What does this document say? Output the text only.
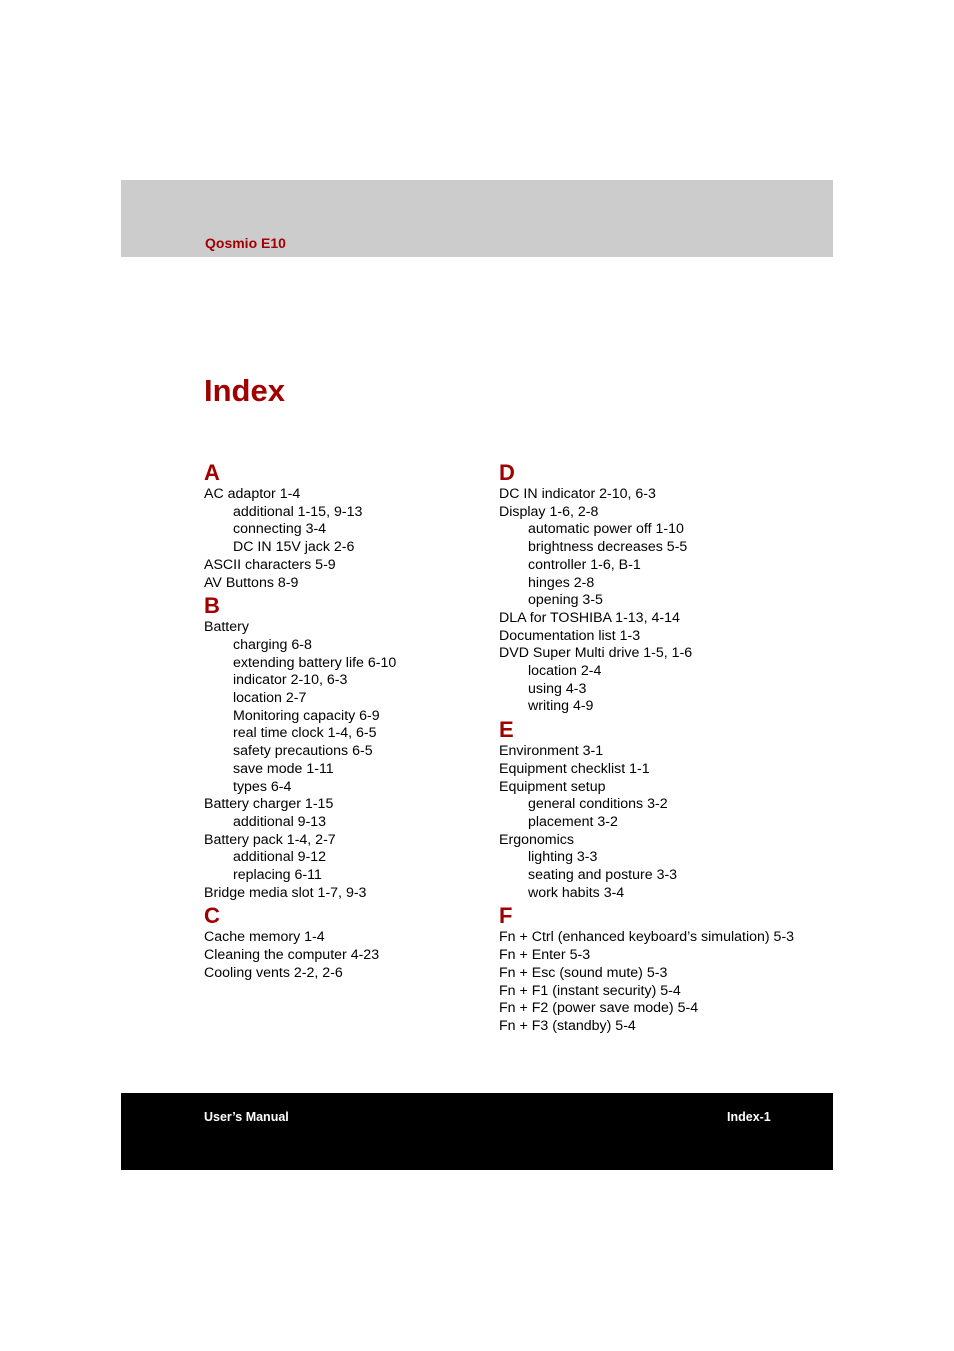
Qosmio E10
Index
A
AC adaptor 1-4
additional 1-15, 9-13
connecting 3-4
DC IN 15V jack 2-6
ASCII characters 5-9
AV Buttons 8-9
B
Battery
charging 6-8
extending battery life 6-10
indicator 2-10, 6-3
location 2-7
Monitoring capacity 6-9
real time clock 1-4, 6-5
safety precautions 6-5
save mode 1-11
types 6-4
Battery charger 1-15
additional 9-13
Battery pack 1-4, 2-7
additional 9-12
replacing 6-11
Bridge media slot 1-7, 9-3
C
Cache memory 1-4
Cleaning the computer 4-23
Cooling vents 2-2, 2-6
D
DC IN indicator 2-10, 6-3
Display 1-6, 2-8
automatic power off 1-10
brightness decreases 5-5
controller 1-6, B-1
hinges 2-8
opening 3-5
DLA for TOSHIBA 1-13, 4-14
Documentation list 1-3
DVD Super Multi drive 1-5, 1-6
location 2-4
using 4-3
writing 4-9
E
Environment 3-1
Equipment checklist 1-1
Equipment setup
general conditions 3-2
placement 3-2
Ergonomics
lighting 3-3
seating and posture 3-3
work habits 3-4
F
Fn + Ctrl (enhanced keyboard’s simulation) 5-3
Fn + Enter 5-3
Fn + Esc (sound mute) 5-3
Fn + F1 (instant security) 5-4
Fn + F2 (power save mode) 5-4
Fn + F3 (standby) 5-4
User’s Manual	Index-1
